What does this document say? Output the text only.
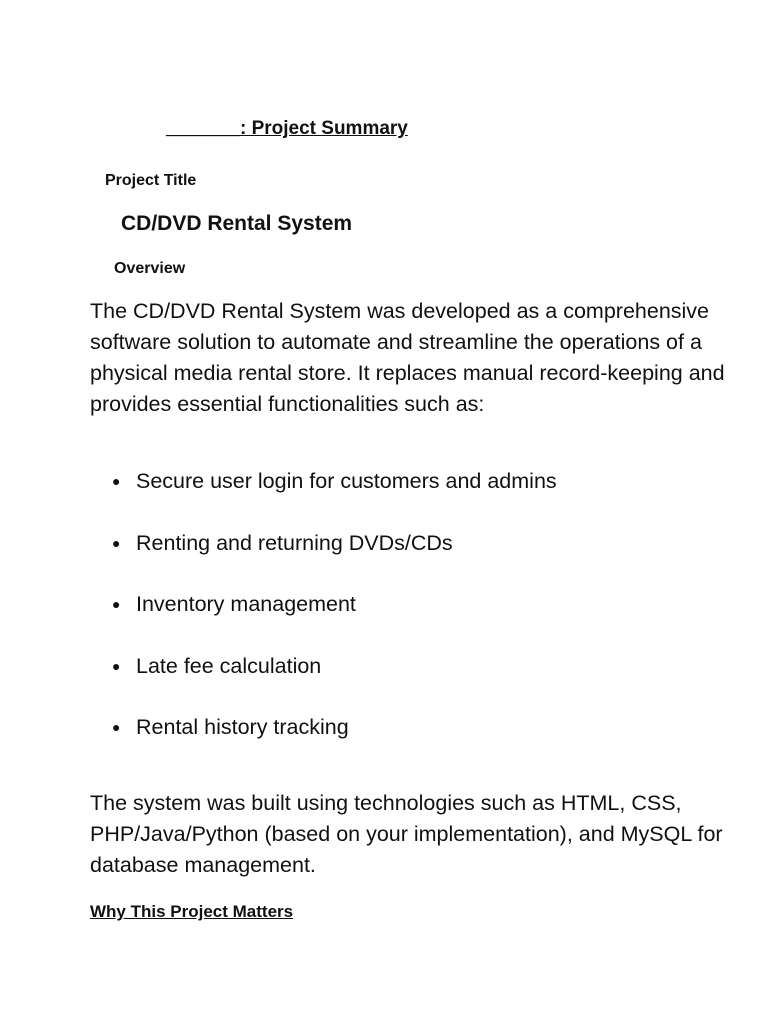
_______: Project Summary
Project Title
CD/DVD Rental System
Overview

The CD/DVD Rental System was developed as a comprehensive software solution to automate and streamline the operations of a physical media rental store. It replaces manual record-keeping and provides essential functionalities such as:

● Secure user login for customers and admins
● Renting and returning DVDs/CDs
● Inventory management
● Late fee calculation
● Rental history tracking

The system was built using technologies such as HTML, CSS, PHP/Java/Python (based on your implementation), and MySQL for database management.

Why This Project Matters
